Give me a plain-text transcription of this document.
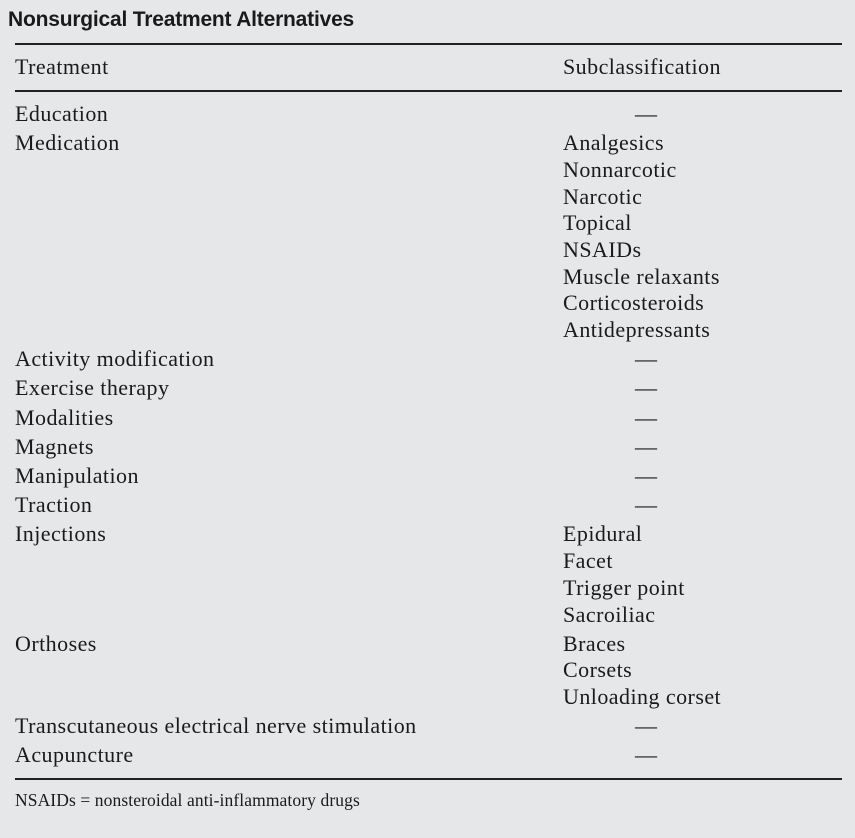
Nonsurgical Treatment Alternatives
Treatment	Subclassification
Education	—
Medication	Analgesics
Nonnarcotic
Narcotic
Topical
NSAIDs
Muscle relaxants
Corticosteroids
Antidepressants
Activity modification	—
Exercise therapy	—
Modalities	—
Magnets	—
Manipulation	—
Traction	—
Injections	Epidural
Facet
Trigger point
Sacroiliac
Orthoses	Braces
Corsets
Unloading corset
Transcutaneous electrical nerve stimulation	—
Acupuncture	—
NSAIDs = nonsteroidal anti-inflammatory drugs
